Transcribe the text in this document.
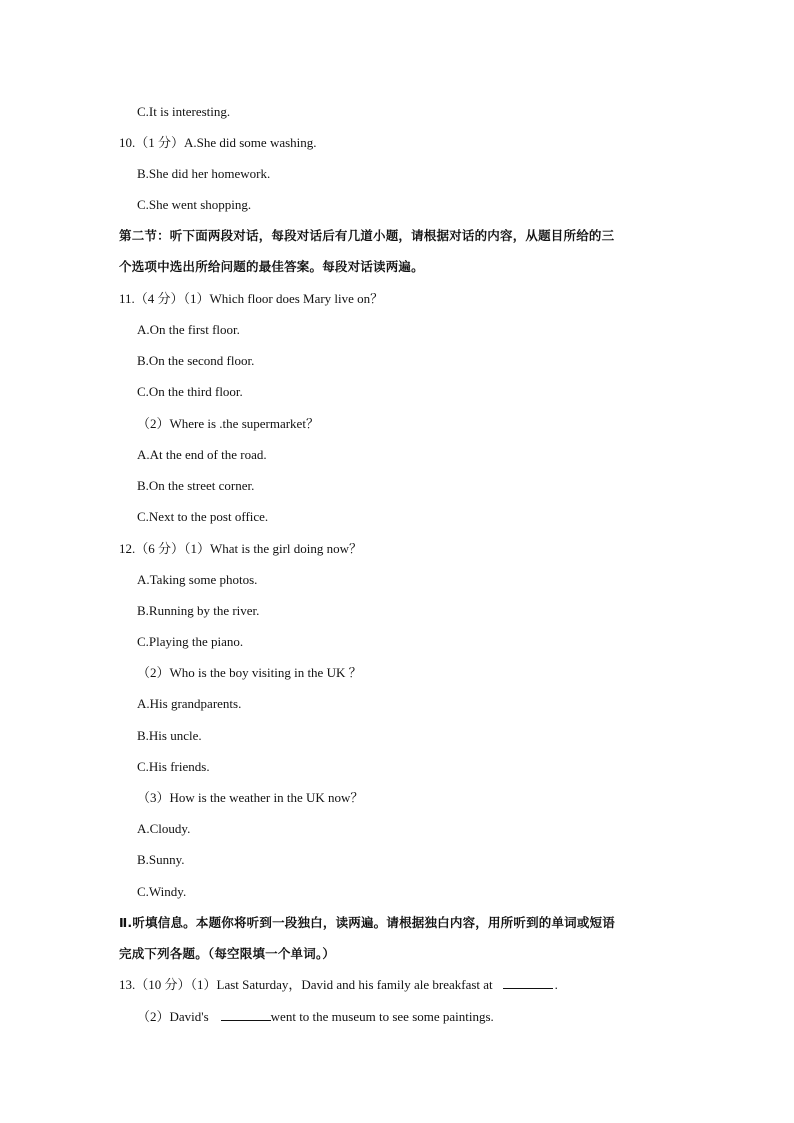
C.It is interesting.
10.（1 分）A.She did some washing.
B.She did her homework.
C.She went shopping.
第二节：听下面两段对话，每段对话后有几道小题，请根据对话的内容，从题目所给的三
个选项中选出所给问题的最佳答案。每段对话读两遍。
11.（4 分）（1）Which floor does Mary live on？
A.On the first floor.
B.On the second floor.
C.On the third floor.
（2）Where is .the supermarket？
A.At the end of the road.
B.On the street corner.
C.Next to the post office.
12.（6 分）（1）What is the girl doing now？
A.Taking some photos.
B.Running by the river.
C.Playing the piano.
（2）Who is the boy visiting in the UK ？
A.His grandparents.
B.His uncle.
C.His friends.
（3）How is the weather in the UK now？
A.Cloudy.
B.Sunny.
C.Windy.
Ⅱ.听填信息。本题你将听到一段独白，读两遍。请根据独白内容，用所听到的单词或短语
完成下列各题。（每空限填一个单词。）
13.（10 分）（1）Last Saturday，David and his family ale breakfast at	.
（2）David's	went to the museum to see some paintings.
